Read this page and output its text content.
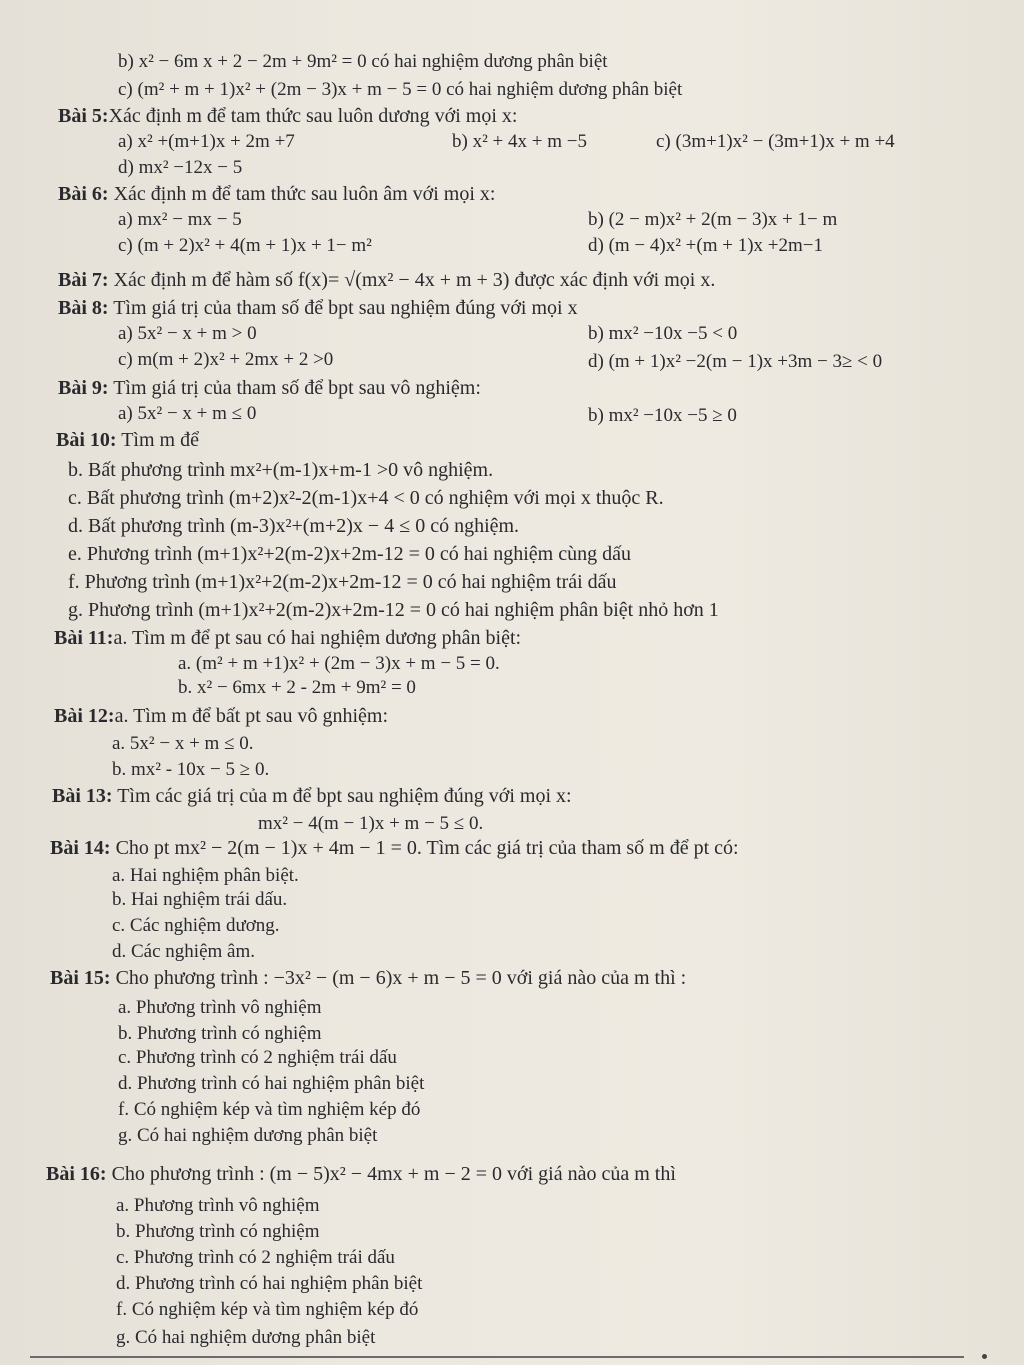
b) x² − 6m x + 2 − 2m + 9m² = 0 có hai nghiệm dương phân biệt
c) (m² + m + 1)x² + (2m − 3)x + m − 5 = 0 có hai nghiệm dương phân biệt
Bài 5:Xác định m để tam thức sau luôn dương với mọi x:
a) x² +(m+1)x + 2m +7	b) x² + 4x + m −5	c) (3m+1)x² − (3m+1)x + m +4
d) mx² −12x − 5
Bài 6: Xác định m để tam thức sau luôn âm với mọi x:
a) mx² − mx − 5	b) (2 − m)x² + 2(m − 3)x + 1− m
c) (m + 2)x² + 4(m + 1)x + 1− m²	d) (m − 4)x² +(m + 1)x +2m−1
Bài 7: Xác định m để hàm số f(x)= √(mx² − 4x + m + 3) được xác định với mọi x.
Bài 8: Tìm giá trị của tham số để bpt sau nghiệm đúng với mọi x
a) 5x² − x + m > 0	b) mx² −10x −5 < 0
c) m(m + 2)x² + 2mx + 2 >0	d) (m + 1)x² −2(m − 1)x +3m − 3≥ < 0
Bài 9: Tìm giá trị của tham số để bpt sau vô nghiệm:
a) 5x² − x + m ≤ 0	b) mx² −10x −5 ≥ 0
Bài 10: Tìm m để
b. Bất phương trình mx²+(m-1)x+m-1 >0 vô nghiệm.
c. Bất phương trình (m+2)x²-2(m-1)x+4 < 0 có nghiệm với mọi x thuộc R.
d. Bất phương trình (m-3)x²+(m+2)x − 4 ≤ 0 có nghiệm.
e. Phương trình (m+1)x²+2(m-2)x+2m-12 = 0 có hai nghiệm cùng dấu
f. Phương trình (m+1)x²+2(m-2)x+2m-12 = 0 có hai nghiệm trái dấu
g. Phương trình (m+1)x²+2(m-2)x+2m-12 = 0 có hai nghiệm phân biệt nhỏ hơn 1
Bài 11:a. Tìm m để pt sau có hai nghiệm dương phân biệt:
a. (m² + m +1)x² + (2m − 3)x + m − 5 = 0.
b. x² − 6mx + 2 - 2m + 9m² = 0
Bài 12:a. Tìm m để bất pt sau vô gnhiệm:
a. 5x² − x + m ≤ 0.
b. mx² - 10x − 5 ≥ 0.
Bài 13: Tìm các giá trị của m để bpt sau nghiệm đúng với mọi x:
mx² − 4(m − 1)x + m − 5 ≤ 0.
Bài 14: Cho pt mx² − 2(m − 1)x + 4m − 1 = 0. Tìm các giá trị của tham số m để pt có:
a. Hai nghiệm phân biệt.
b. Hai nghiệm trái dấu.
c. Các nghiệm dương.
d. Các nghiệm âm.
Bài 15: Cho phương trình : −3x² − (m − 6)x + m − 5 = 0 với giá nào của m thì :
a. Phương trình vô nghiệm
b. Phương trình có nghiệm
c. Phương trình có 2 nghiệm trái dấu
d. Phương trình có hai nghiệm phân biệt
f. Có nghiệm kép và tìm nghiệm kép đó
g. Có hai nghiệm dương phân biệt
Bài 16: Cho phương trình : (m − 5)x² − 4mx + m − 2 = 0 với giá nào của m thì
a. Phương trình vô nghiệm
b. Phương trình có nghiệm
c. Phương trình có 2 nghiệm trái dấu
d. Phương trình có hai nghiệm phân biệt
f. Có nghiệm kép và tìm nghiệm kép đó
g. Có hai nghiệm dương phân biệt
